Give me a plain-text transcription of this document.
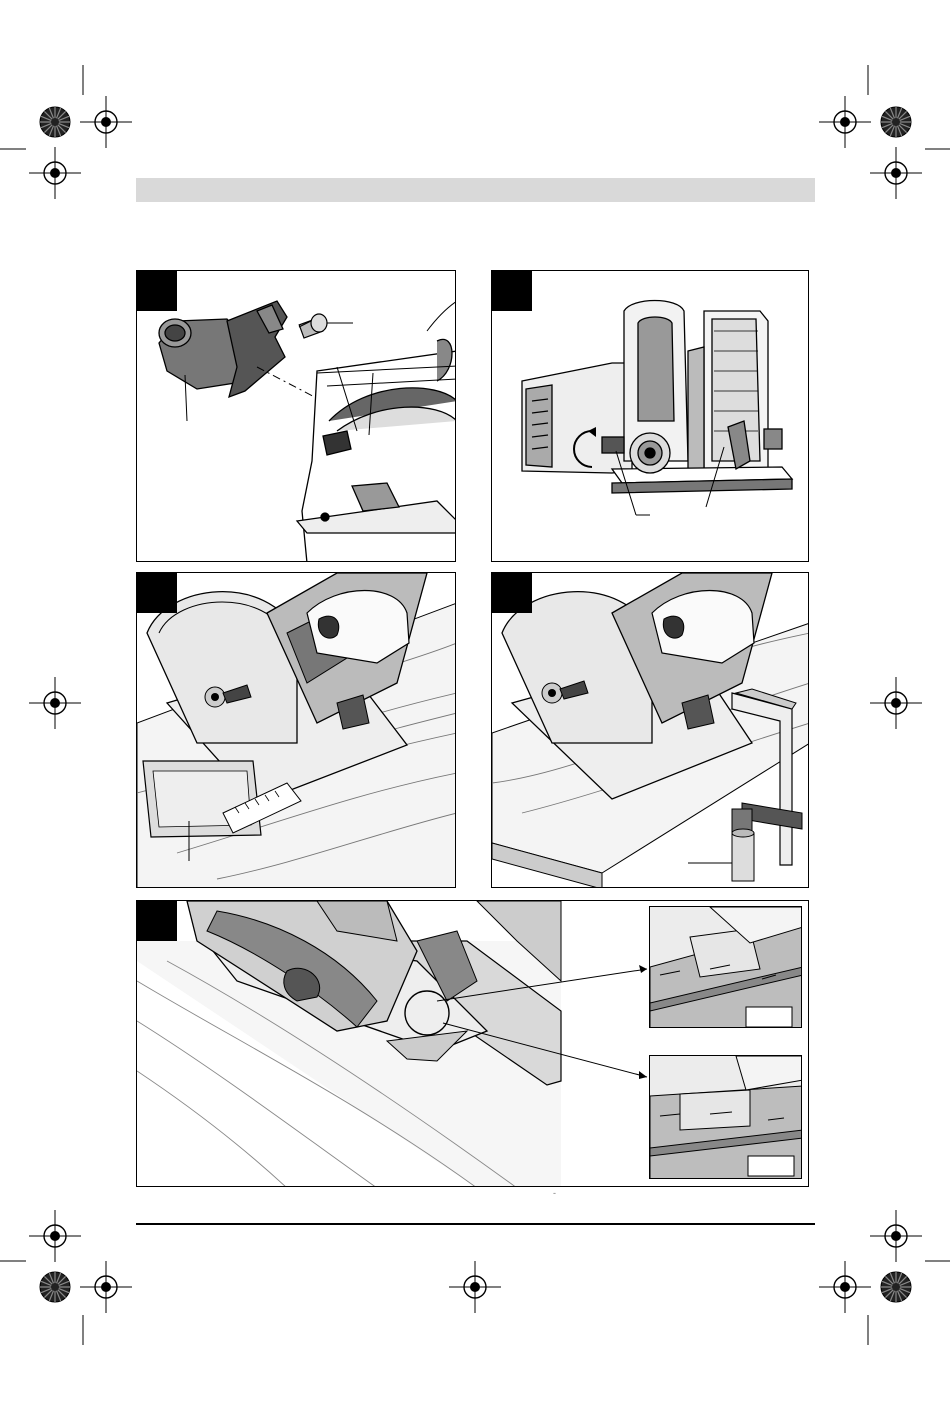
-
